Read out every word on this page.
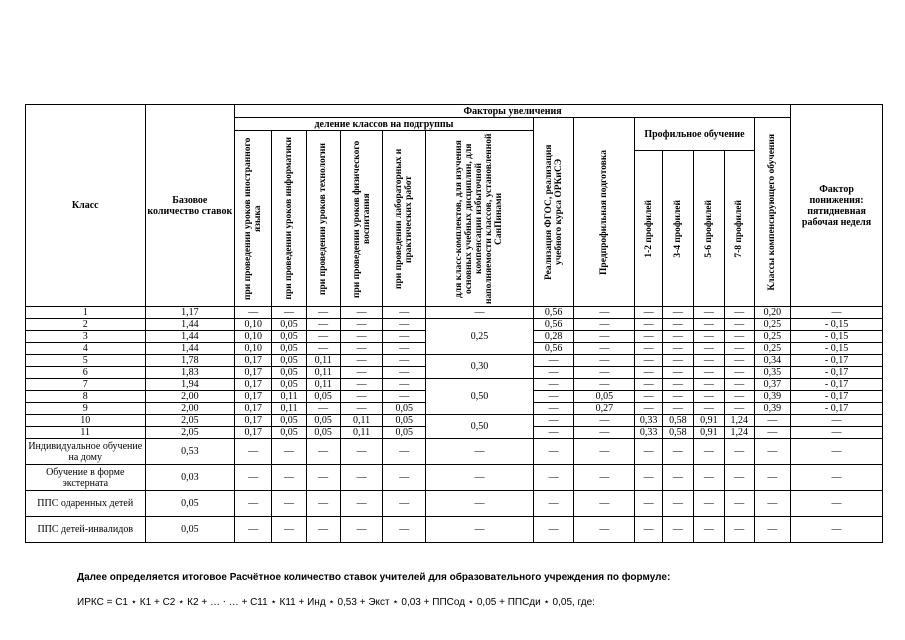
Класс	Базовое количество ставок	Факторы увеличения													Фактор понижения: пятидневная рабочая неделя
		деление классов на подгруппы						Реализация ФГОС, реализация учебного курса ОРКиСЭ	Предпрофильная подготовка	Профильное обучение				Классы компенсирующего обучения	

		при проведении уроков иностранного языка	при проведении уроков информатики	при проведении уроков технологии	при проведении уроков физического воспитания	при проведении лабораторных и практических работ	для класс-комплектов, для изучения основных учебных дисциплин, для компенсации избыточной наполняемости классов, установленной СанПинами								

										1-2 профилей	3-4 профилей	5-6 профилей	7-8 профилей		

1	1,17	—	—	—	—	—	—	0,56	—	—	—	—	—	0,20	—
2	1,44	0,10	0,05	—	—	—	0,25	0,56	—	—	—	—	—	0,25	- 0,15
3	1,44	0,10	0,05	—	—	—		0,28	—	—	—	—	—	0,25	- 0,15
4	1,44	0,10	0,05	—	—	—		0,56	—	—	—	—	—	0,25	- 0,15
5	1,78	0,17	0,05	0,11	—	—	0,30	—	—	—	—	—	—	0,34	- 0,17
6	1,83	0,17	0,05	0,11	—	—		—	—	—	—	—	—	0,35	- 0,17
7	1,94	0,17	0,05	0,11	—	—	0,50	—	—	—	—	—	—	0,37	- 0,17
8	2,00	0,17	0,11	0,05	—	—		—	0,05	—	—	—	—	0,39	- 0,17
9	2,00	0,17	0,11	—	—	0,05		—	0,27	—	—	—	—	0,39	- 0,17
10	2,05	0,17	0,05	0,05	0,11	0,05	0,50	—	—	0,33	0,58	0,91	1,24	—	—
11	2,05	0,17	0,05	0,05	0,11	0,05		—	—	0,33	0,58	0,91	1,24	—	—
Индивидуальное обучение на дому	0,53	—	—	—	—	—	—	—	—	—	—	—	—	—	—
Обучение в форме экстерната	0,03	—	—	—	—	—	—	—	—	—	—	—	—	—	—
ППС одаренных детей	0,05	—	—	—	—	—	—	—	—	—	—	—	—	—	—
ППС детей-инвалидов	0,05	—	—	—	—	—	—	—	—	—	—	—	—	—	—
Далее определяется итоговое Расчётное количество ставок учителей для образовательного учреждения по формуле:
ИРКС = С1 ⋆ К1 + С2 ⋆ К2 + … ⋅ … + С11 ⋆ К11 + Инд ⋆ 0,53 + Экст ⋆ 0,03 + ППСод ⋆ 0,05 + ППСди ⋆ 0,05, где:
